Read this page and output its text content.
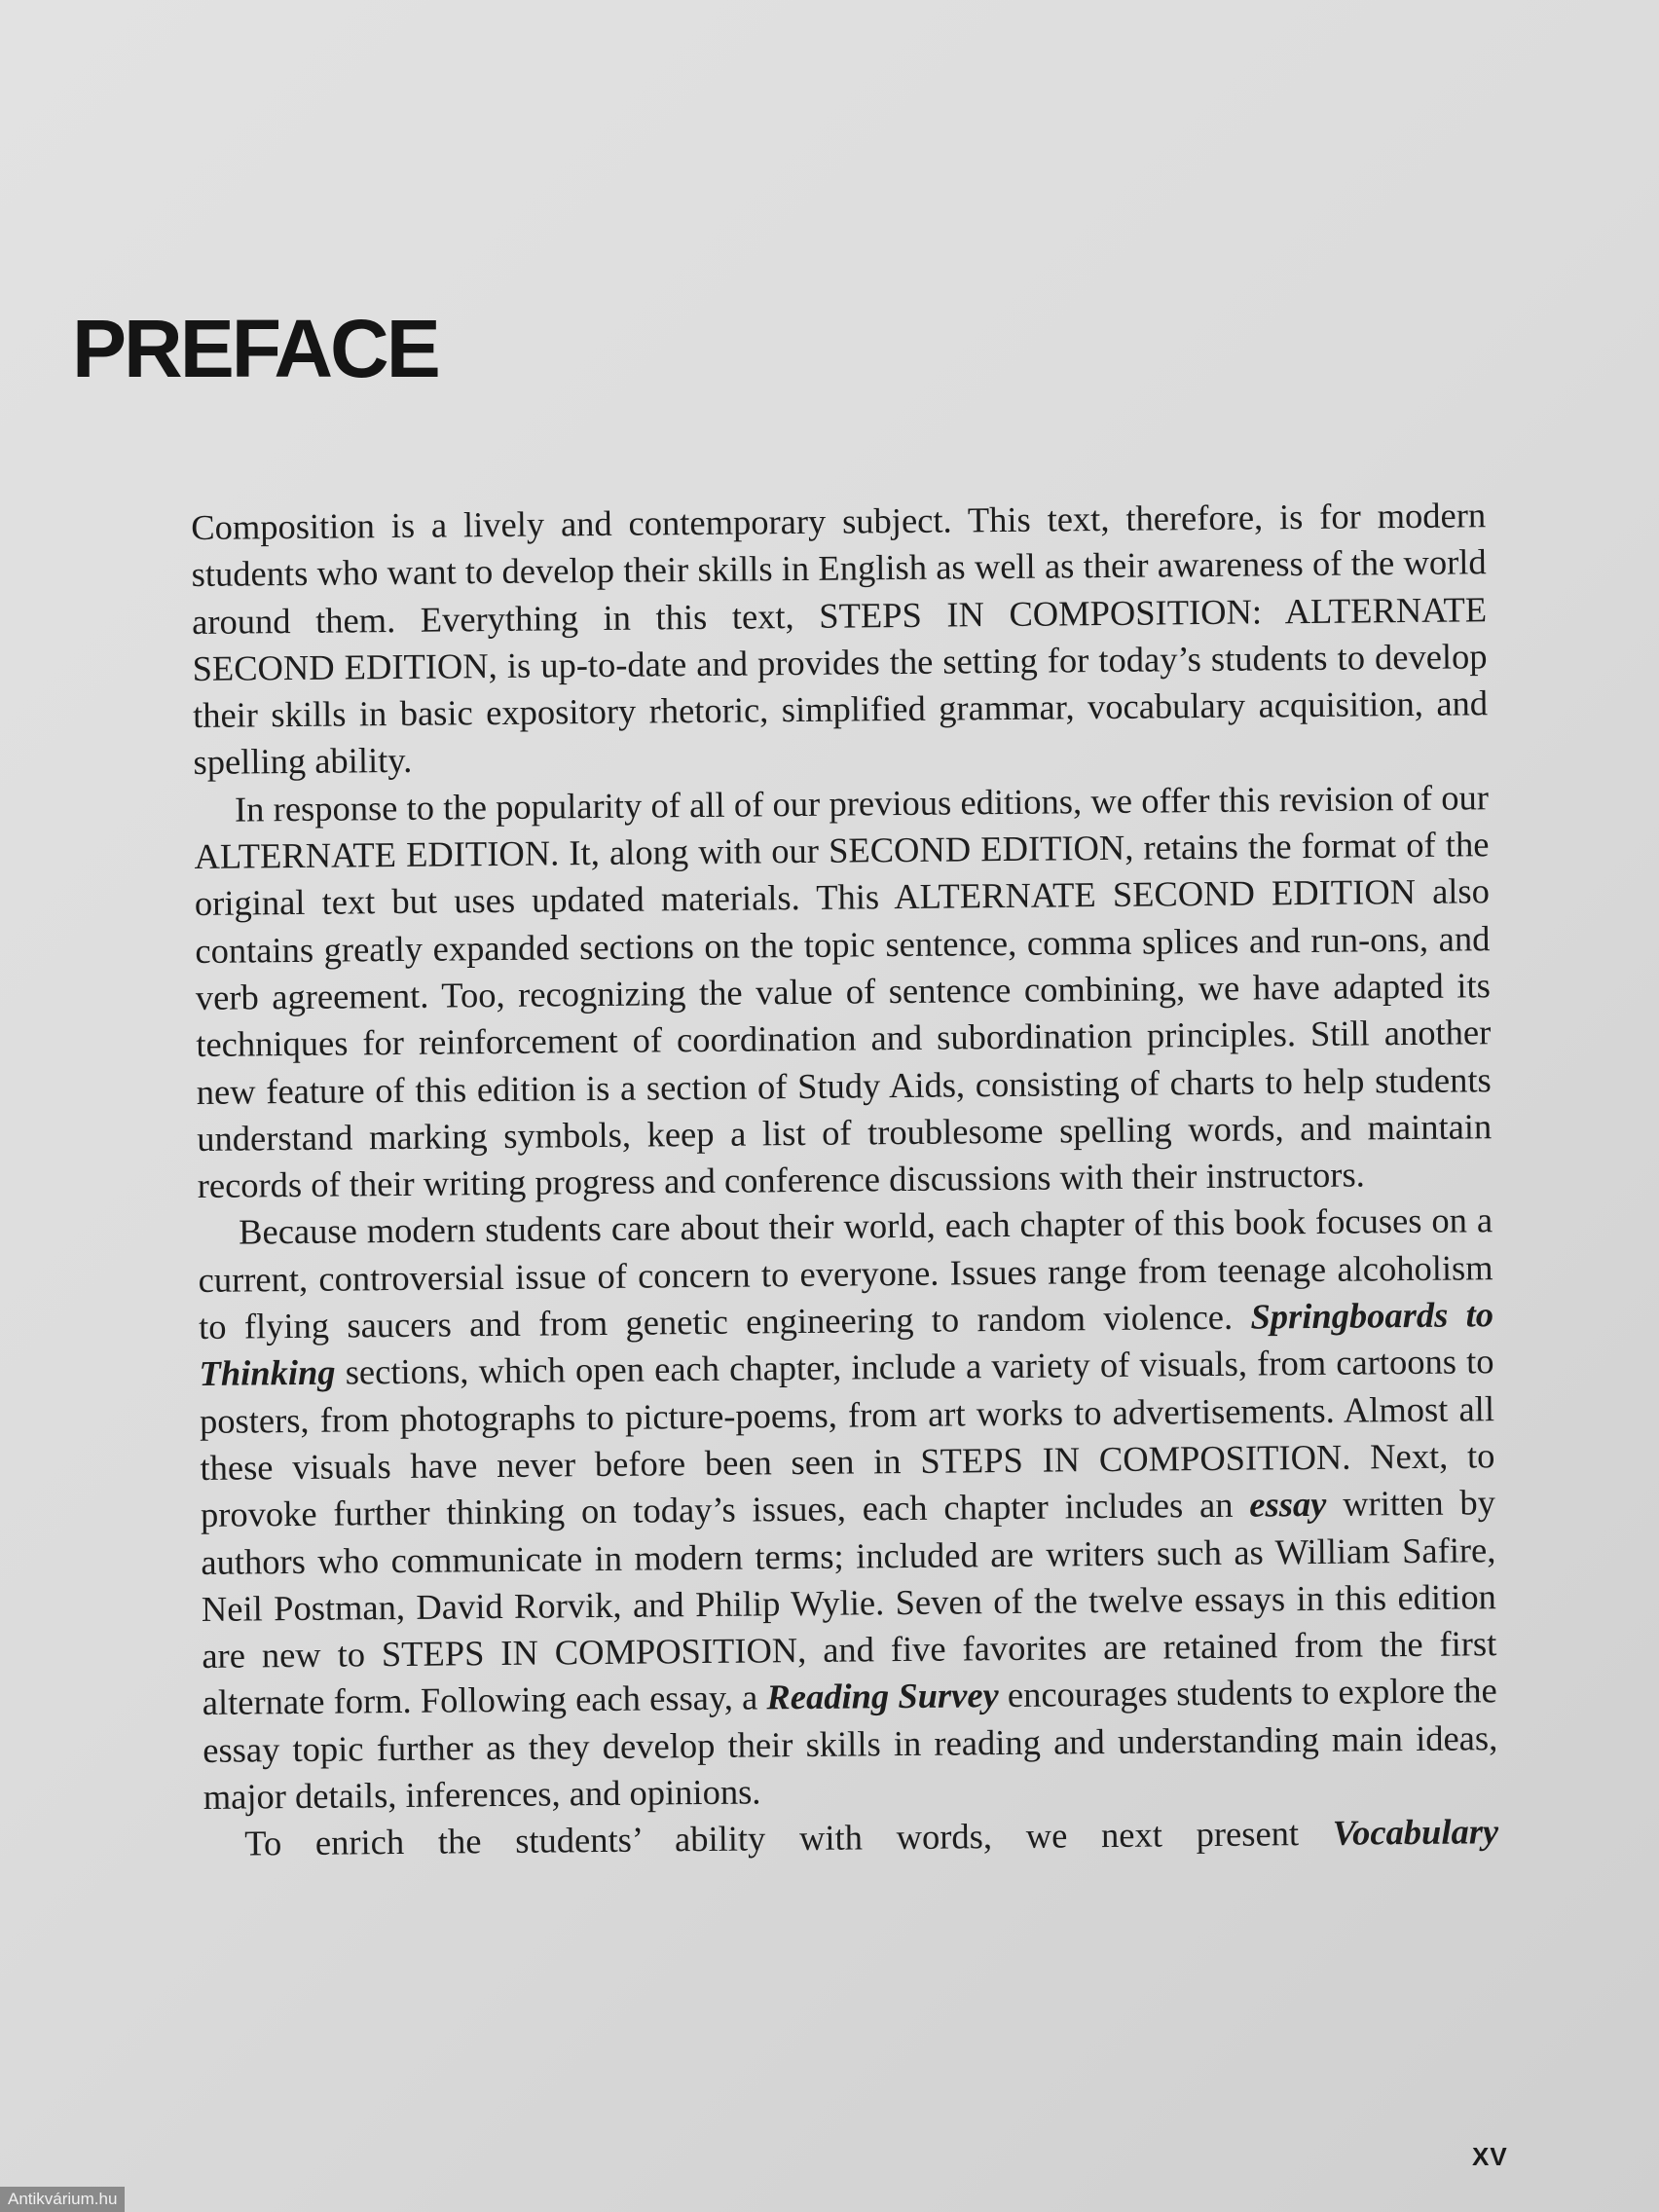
PREFACE

Composition is a lively and contemporary subject. This text, therefore, is for modern students who want to develop their skills in English as well as their awareness of the world around them. Everything in this text, STEPS IN COMPOSITION: ALTERNATE SECOND EDITION, is up-to-date and provides the setting for today’s students to develop their skills in basic expository rhetoric, simplified grammar, vocabulary acquisition, and spelling ability.

In response to the popularity of all of our previous editions, we offer this revision of our ALTERNATE EDITION. It, along with our SECOND EDITION, retains the format of the original text but uses updated materials. This ALTERNATE SECOND EDITION also contains greatly expanded sections on the topic sentence, comma splices and run-ons, and verb agreement. Too, recognizing the value of sentence combining, we have adapted its techniques for reinforcement of coordination and subordination principles. Still another new feature of this edition is a section of Study Aids, consisting of charts to help students understand marking symbols, keep a list of troublesome spelling words, and maintain records of their writing progress and conference discussions with their instructors.

Because modern students care about their world, each chapter of this book focuses on a current, controversial issue of concern to everyone. Issues range from teenage alcoholism to flying saucers and from genetic engineering to random violence. Springboards to Thinking sections, which open each chapter, include a variety of visuals, from cartoons to posters, from photographs to picture-poems, from art works to advertisements. Almost all these visuals have never before been seen in STEPS IN COMPOSITION. Next, to provoke further thinking on today’s issues, each chapter includes an essay written by authors who communicate in modern terms; included are writers such as William Safire, Neil Postman, David Rorvik, and Philip Wylie. Seven of the twelve essays in this edition are new to STEPS IN COMPOSITION, and five favorites are retained from the first alternate form. Following each essay, a Reading Survey encourages students to explore the essay topic further as they develop their skills in reading and understanding main ideas, major details, inferences, and opinions.

To enrich the students’ ability with words, we next present Vocabulary

XV
Antikvárium.hu
